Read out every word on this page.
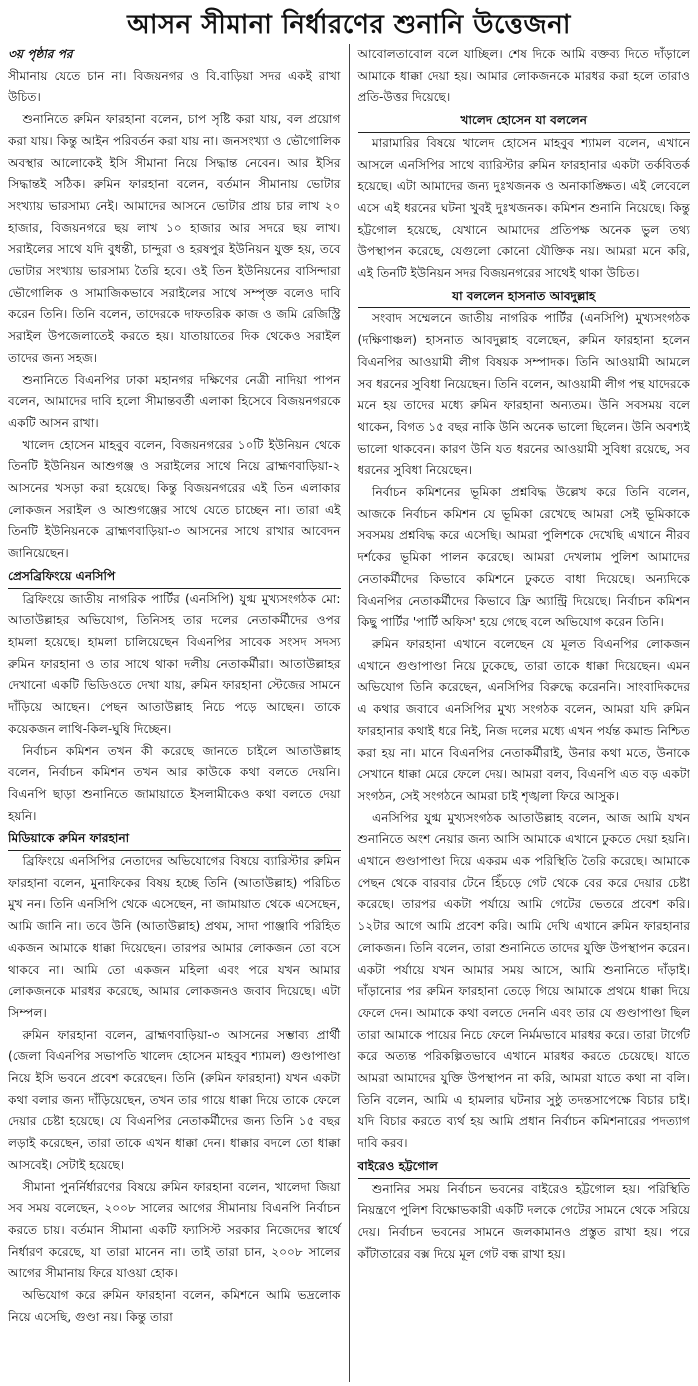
আসন সীমানা নির্ধারণের শুনানি উত্তেজনা
৩য় পৃষ্ঠার পর

সীমানায় যেতে চান না। বিজয়নগর ও বি.বাড়িয়া সদর একই রাখা উচিত।

শুনানিতে রুমিন ফারহানা বলেন, চাপ সৃষ্টি করা যায়, বল প্রয়োগ করা যায়। কিন্তু আইন পরিবর্তন করা যায় না। জনসংখ্যা ও ভৌগোলিক অবস্থার আলোকেই ইসি সীমানা নিয়ে সিদ্ধান্ত নেবেন। আর ইসির সিদ্ধান্তই সঠিক। রুমিন ফারহানা বলেন, বর্তমান সীমানায় ভোটার সংখ্যায় ভারসাম্য নেই। আমাদের আসনে ভোটার প্রায় চার লাখ ২০ হাজার, বিজয়নগরে ছয় লাখ ১০ হাজার আর সদরে ছয় লাখ। সরাইলের সাথে যদি বুধন্তী, চান্দুরা ও হরষপুর ইউনিয়ন যুক্ত হয়, তবে ভোটার সংখ্যায় ভারসাম্য তৈরি হবে। ওই তিন ইউনিয়নের বাসিন্দারা ভৌগোলিক ও সামাজিকভাবে সরাইলের সাথে সম্পৃক্ত বলেও দাবি করেন তিনি। তিনি বলেন, তাদেরকে দাফতরিক কাজ ও জমি রেজিস্ট্রি সরাইল উপজেলাতেই করতে হয়। যাতায়াতের দিক থেকেও সরাইল তাদের জন্য সহজ।

শুনানিতে বিএনপির ঢাকা মহানগর দক্ষিণের নেত্রী নাদিয়া পাপন বলেন, আমাদের দাবি হলো সীমান্তবর্তী এলাকা হিসেবে বিজয়নগরকে একটি আসন রাখা।

খালেদ হোসেন মাহবুব বলেন, বিজয়নগরের ১০টি ইউনিয়ন থেকে তিনটি ইউনিয়ন আশুগঞ্জ ও সরাইলের সাথে নিয়ে ব্রাহ্মণবাড়িয়া-২ আসনের খসড়া করা হয়েছে। কিন্তু বিজয়নগরের এই তিন এলাকার লোকজন সরাইল ও আশুগঞ্জের সাথে যেতে চাচ্ছেন না। তারা এই তিনটি ইউনিয়নকে ব্রাহ্মণবাড়িয়া-৩ আসনের সাথে রাখার আবেদন জানিয়েছেন।

প্রেসব্রিফিংয়ে এনসিপি

ব্রিফিংয়ে জাতীয় নাগরিক পার্টির (এনসিপি) যুগ্ম মুখ্যসংগঠক মো: আতাউল্লাহর অভিযোগ, তিনিসহ তার দলের নেতাকর্মীদের ওপর হামলা হয়েছে। হামলা চালিয়েছেন বিএনপির সাবেক সংসদ সদস্য রুমিন ফারহানা ও তার সাথে থাকা দলীয় নেতাকর্মীরা। আতাউল্লাহর দেখানো একটি ভিডিওতে দেখা যায়, রুমিন ফারহানা স্টেজের সামনে দাঁড়িয়ে আছেন। পেছন আতাউল্লাহ নিচে পড়ে আছেন। তাকে কয়েকজন লাথি-কিল-ঘুষি দিচ্ছেন।

নির্বাচন কমিশন তখন কী করেছে জানতে চাইলে আতাউল্লাহ বলেন, নির্বাচন কমিশন তখন আর কাউকে কথা বলতে দেয়নি। বিএনপি ছাড়া শুনানিতে জামায়াতে ইসলামীকেও কথা বলতে দেয়া হয়নি।

মিডিয়াকে রুমিন ফারহানা

ব্রিফিংয়ে এনসিপির নেতাদের অভিযোগের বিষয়ে ব্যারিস্টার রুমিন ফারহানা বলেন, মুনাফিকের বিষয় হচ্ছে তিনি (আতাউল্লাহ) পরিচিত মুখ নন। তিনি এনসিপি থেকে এসেছেন, না জামায়াত থেকে এসেছেন, আমি জানি না। তবে উনি (আতাউল্লাহ) প্রথম, সাদা পাঞ্জাবি পরিহিত একজন আমাকে ধাক্কা দিয়েছেন। তারপর আমার লোকজন তো বসে থাকবে না। আমি তো একজন মহিলা এবং পরে যখন আমার লোকজনকে মারধর করেছে, আমার লোকজনও জবাব দিয়েছে। এটা সিম্পল।

রুমিন ফারহানা বলেন, ব্রাহ্মণবাড়িয়া-৩ আসনের সম্ভাব্য প্রার্থী (জেলা বিএনপির সভাপতি খালেদ হোসেন মাহবুব শ্যামল) গুণ্ডাপাণ্ডা নিয়ে ইসি ভবনে প্রবেশ করেছেন। তিনি (রুমিন ফারহানা) যখন একটা কথা বলার জন্য দাঁড়িয়েছেন, তখন তার গায়ে ধাক্কা দিয়ে তাকে ফেলে দেয়ার চেষ্টা হয়েছে। যে বিএনপির নেতাকর্মীদের জন্য তিনি ১৫ বছর লড়াই করেছেন, তারা তাকে এখন ধাক্কা দেন। ধাক্কার বদলে তো ধাক্কা আসবেই। সেটাই হয়েছে।

সীমানা পুনর্নির্ধারণের বিষয়ে রুমিন ফারহানা বলেন, খালেদা জিয়া সব সময় বলেছেন, ২০০৮ সালের আগের সীমানায় বিএনপি নির্বাচন করতে চায়। বর্তমান সীমানা একটি ফ্যাসিস্ট সরকার নিজেদের স্বার্থে নির্ধারণ করেছে, যা তারা মানেন না। তাই তারা চান, ২০০৮ সালের আগের সীমানায় ফিরে যাওয়া হোক।

অভিযোগ করে রুমিন ফারহানা বলেন, কমিশনে আমি ভদ্রলোক নিয়ে এসেছি, গুণ্ডা নয়। কিন্তু তারা

আবোলতাবোল বলে যাচ্ছিল। শেষ দিকে আমি বক্তব্য দিতে দাঁড়ালে আমাকে ধাক্কা দেয়া হয়। আমার লোকজনকে মারধর করা হলে তারাও প্রতি-উত্তর দিয়েছে।

খালেদ হোসেন যা বললেন

মারামারির বিষয়ে খালেদ হোসেন মাহবুব শ্যামল বলেন, এখানে আসলে এনসিপির সাথে ব্যারিস্টার রুমিন ফারহানার একটা তর্কবিতর্ক হয়েছে। এটা আমাদের জন্য দুঃখজনক ও অনাকাঙ্ক্ষিত। এই লেবেলে এসে এই ধরনের ঘটনা খুবই দুঃখজনক। কমিশন শুনানি নিয়েছে। কিন্তু হট্টগোল হয়েছে, যেখানে আমাদের প্রতিপক্ষ অনেক ভুল তথ্য উপস্থাপন করেছে, যেগুলো কোনো যৌক্তিক নয়। আমরা মনে করি, এই তিনটি ইউনিয়ন সদর বিজয়নগরের সাথেই থাকা উচিত।

যা বললেন হাসনাত আবদুল্লাহ

সংবাদ সম্মেলনে জাতীয় নাগরিক পার্টির (এনসিপি) মুখ্যসংগঠক (দক্ষিণাঞ্চল) হাসনাত আবদুল্লাহ বলেছেন, রুমিন ফারহানা হলেন বিএনপির আওয়ামী লীগ বিষয়ক সম্পাদক। তিনি আওয়ামী আমলে সব ধরনের সুবিধা নিয়েছেন। তিনি বলেন, আওয়ামী লীগ পন্থ যাদেরকে মনে হয় তাদের মধ্যে রুমিন ফারহানা অন্যতম। উনি সবসময় বলে থাকেন, বিগত ১৫ বছর নাকি উনি অনেক ভালো ছিলেন। উনি অবশ্যই ভালো থাকবেন। কারণ উনি যত ধরনের আওয়ামী সুবিধা রয়েছে, সব ধরনের সুবিধা নিয়েছেন।

নির্বাচন কমিশনের ভূমিকা প্রশ্নবিদ্ধ উল্লেখ করে তিনি বলেন, আজকে নির্বাচন কমিশন যে ভূমিকা রেখেছে আমরা সেই ভূমিকাকে সবসময় প্রশ্নবিদ্ধ করে এসেছি। আমরা পুলিশকে দেখেছি এখানে নীরব দর্শকের ভূমিকা পালন করেছে। আমরা দেখলাম পুলিশ আমাদের নেতাকর্মীদের কিভাবে কমিশনে ঢুকতে বাধা দিয়েছে। অন্যদিকে বিএনপির নেতাকর্মীদের কিভাবে ফ্রি অ্যান্ট্রি দিয়েছে। নির্বাচন কমিশন কিছু পার্টির 'পার্টি অফিস' হয়ে গেছে বলে অভিযোগ করেন তিনি।

রুমিন ফারহানা এখানে বলেছেন যে মূলত বিএনপির লোকজন এখানে গুণ্ডাপাণ্ডা নিয়ে ঢুকেছে, তারা তাকে ধাক্কা দিয়েছেন। এমন অভিযোগ তিনি করেছেন, এনসিপির বিরুদ্ধে করেননি। সাংবাদিকদের এ কথার জবাবে এনসিপির মুখ্য সংগঠক বলেন, আমরা যদি রুমিন ফারহানার কথাই ধরে নিই, নিজ দলের মধ্যে এখন পর্যন্ত কমান্ড নিশ্চিত করা হয় না। মানে বিএনপির নেতাকর্মীরাই, উনার কথা মতে, উনাকে সেখানে ধাক্কা মেরে ফেলে দেয়। আমরা বলব, বিএনপি এত বড় একটা সংগঠন, সেই সংগঠনে আমরা চাই শৃঙ্খলা ফিরে আসুক।

এনসিপির যুগ্ম মুখ্যসংগঠক আতাউল্লাহ বলেন, আজ আমি যখন শুনানিতে অংশ নেয়ার জন্য আসি আমাকে এখানে ঢুকতে দেয়া হয়নি। এখানে গুণ্ডাপাণ্ডা দিয়ে একরম এক পরিস্থিতি তৈরি করেছে। আমাকে পেছন থেকে বারবার টেনে হিঁচড়ে গেট থেকে বের করে দেয়ার চেষ্টা করেছে। তারপর একটা পর্যায়ে আমি গেটের ভেতরে প্রবেশ করি। ১২টার আগে আমি প্রবেশ করি। আমি দেখি এখানে রুমিন ফারহানার লোকজন। তিনি বলেন, তারা শুনানিতে তাদের যুক্তি উপস্থাপন করেন। একটা পর্যায়ে যখন আমার সময় আসে, আমি শুনানিতে দাঁড়াই। দাঁড়ানোর পর রুমিন ফারহানা তেড়ে গিয়ে আমাকে প্রথমে ধাক্কা দিয়ে ফেলে দেন। আমাকে কথা বলতে দেননি এবং তার যে গুণ্ডাপাণ্ডা ছিল তারা আমাকে পায়ের নিচে ফেলে নির্মমভাবে মারধর করে। তারা টার্গেট করে অত্যন্ত পরিকল্পিতভাবে এখানে মারধর করতে চেয়েছে। যাতে আমরা আমাদের যুক্তি উপস্থাপন না করি, আমরা যাতে কথা না বলি। তিনি বলেন, আমি এ হামলার ঘটনার সুষ্ঠু তদন্তসাপেক্ষে বিচার চাই। যদি বিচার করতে ব্যর্থ হয় আমি প্রধান নির্বাচন কমিশনারের পদত্যাগ দাবি করব।

বাইরেও হট্টগোল

শুনানির সময় নির্বাচন ভবনের বাইরেও হট্টগোল হয়। পরিস্থিতি নিয়ন্ত্রণে পুলিশ বিক্ষোভকারী একটি দলকে গেটের সামনে থেকে সরিয়ে দেয়। নির্বাচন ভবনের সামনে জলকামানও প্রস্তুত রাখা হয়। পরে কাঁটাতারের বক্স দিয়ে মূল গেট বন্ধ রাখা হয়।
